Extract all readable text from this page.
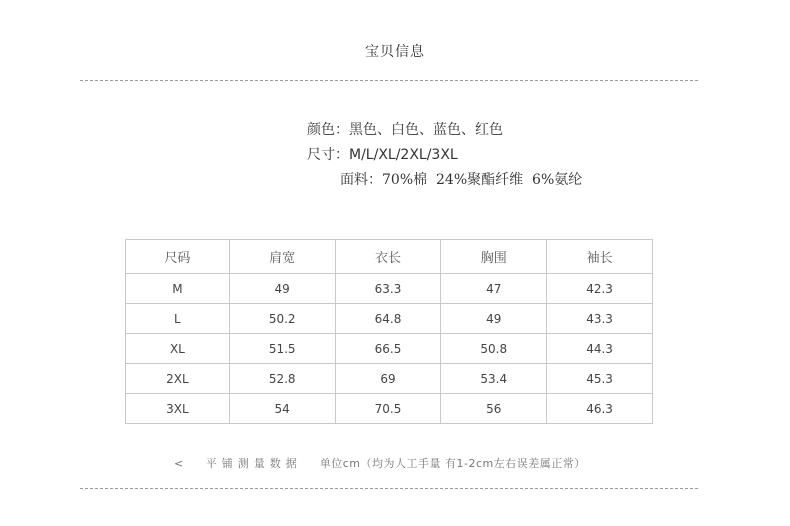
宝贝信息
颜色：黑色、白色、蓝色、红色
尺寸：M/L/XL/2XL/3XL
面料：70%棉  24%聚酯纤维  6%氨纶
尺码	肩宽	衣长	胸围	袖长
M	49	63.3	47	42.3
L	50.2	64.8	49	43.3
XL	51.5	66.5	50.8	44.3
2XL	52.8	69	53.4	45.3
3XL	54	70.5	56	46.3
< 平铺测量数据 单位cm（均为人工手量 有1-2cm左右误差属正常）
